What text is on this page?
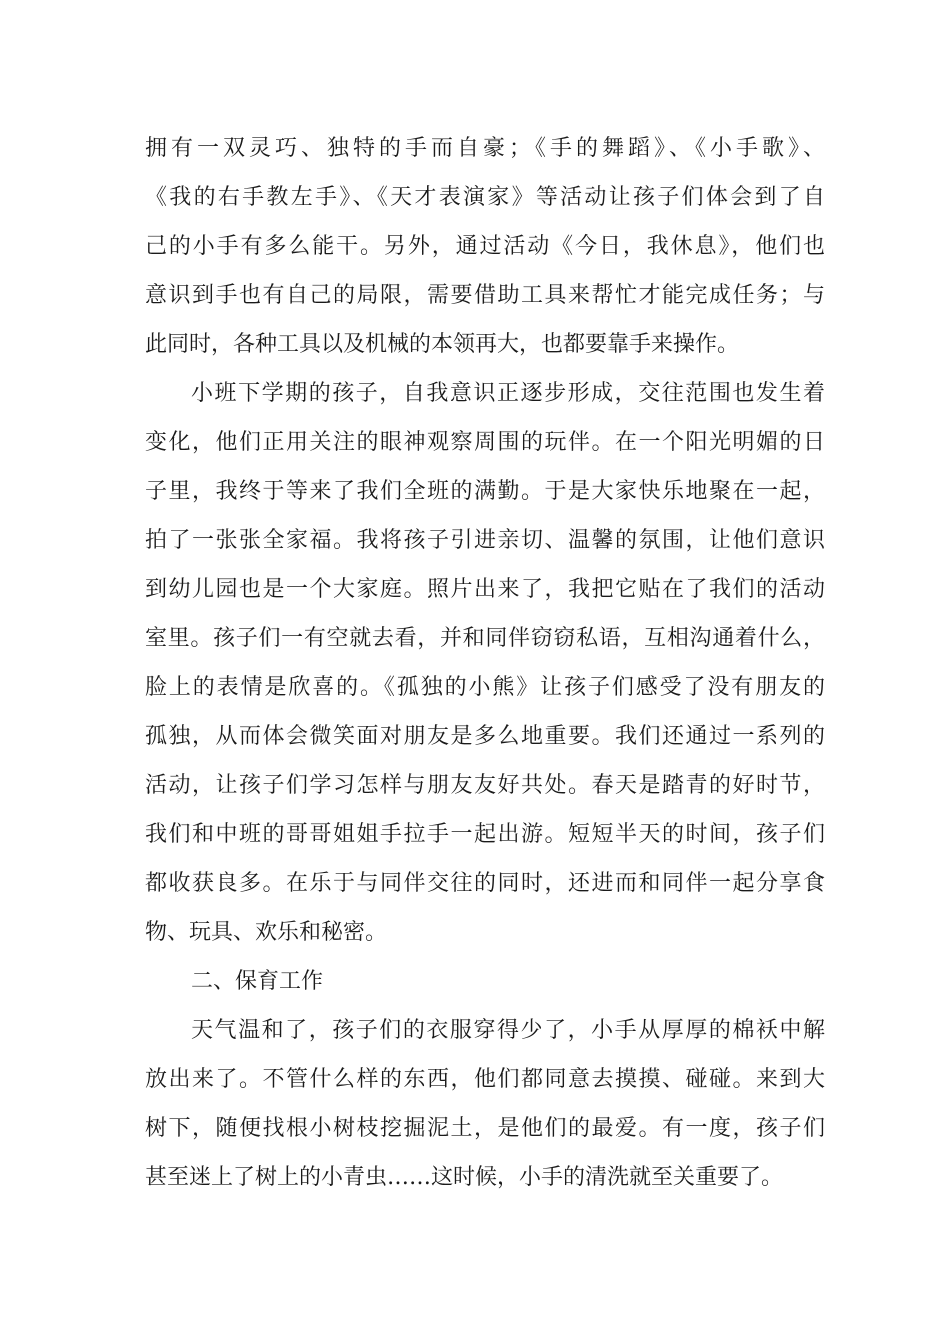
拥有一双灵巧、独特的手而自豪；《手的舞蹈》、《小手歌》、
《我的右手教左手》、《天才表演家》等活动让孩子们体会到了自
己的小手有多么能干。另外，通过活动《今日，我休息》，他们也
意识到手也有自己的局限，需要借助工具来帮忙才能完成任务；与
此同时，各种工具以及机械的本领再大，也都要靠手来操作。
小班下学期的孩子，自我意识正逐步形成，交往范围也发生着
变化，他们正用关注的眼神观察周围的玩伴。在一个阳光明媚的日
子里，我终于等来了我们全班的满勤。于是大家快乐地聚在一起，
拍了一张张全家福。我将孩子引进亲切、温馨的氛围，让他们意识
到幼儿园也是一个大家庭。照片出来了，我把它贴在了我们的活动
室里。孩子们一有空就去看，并和同伴窃窃私语，互相沟通着什么，
脸上的表情是欣喜的。《孤独的小熊》让孩子们感受了没有朋友的
孤独，从而体会微笑面对朋友是多么地重要。我们还通过一系列的
活动，让孩子们学习怎样与朋友友好共处。春天是踏青的好时节，
我们和中班的哥哥姐姐手拉手一起出游。短短半天的时间，孩子们
都收获良多。在乐于与同伴交往的同时，还进而和同伴一起分享食
物、玩具、欢乐和秘密。
二、保育工作
天气温和了，孩子们的衣服穿得少了，小手从厚厚的棉袄中解
放出来了。不管什么样的东西，他们都同意去摸摸、碰碰。来到大
树下，随便找根小树枝挖掘泥土，是他们的最爱。有一度，孩子们
甚至迷上了树上的小青虫……这时候，小手的清洗就至关重要了。
